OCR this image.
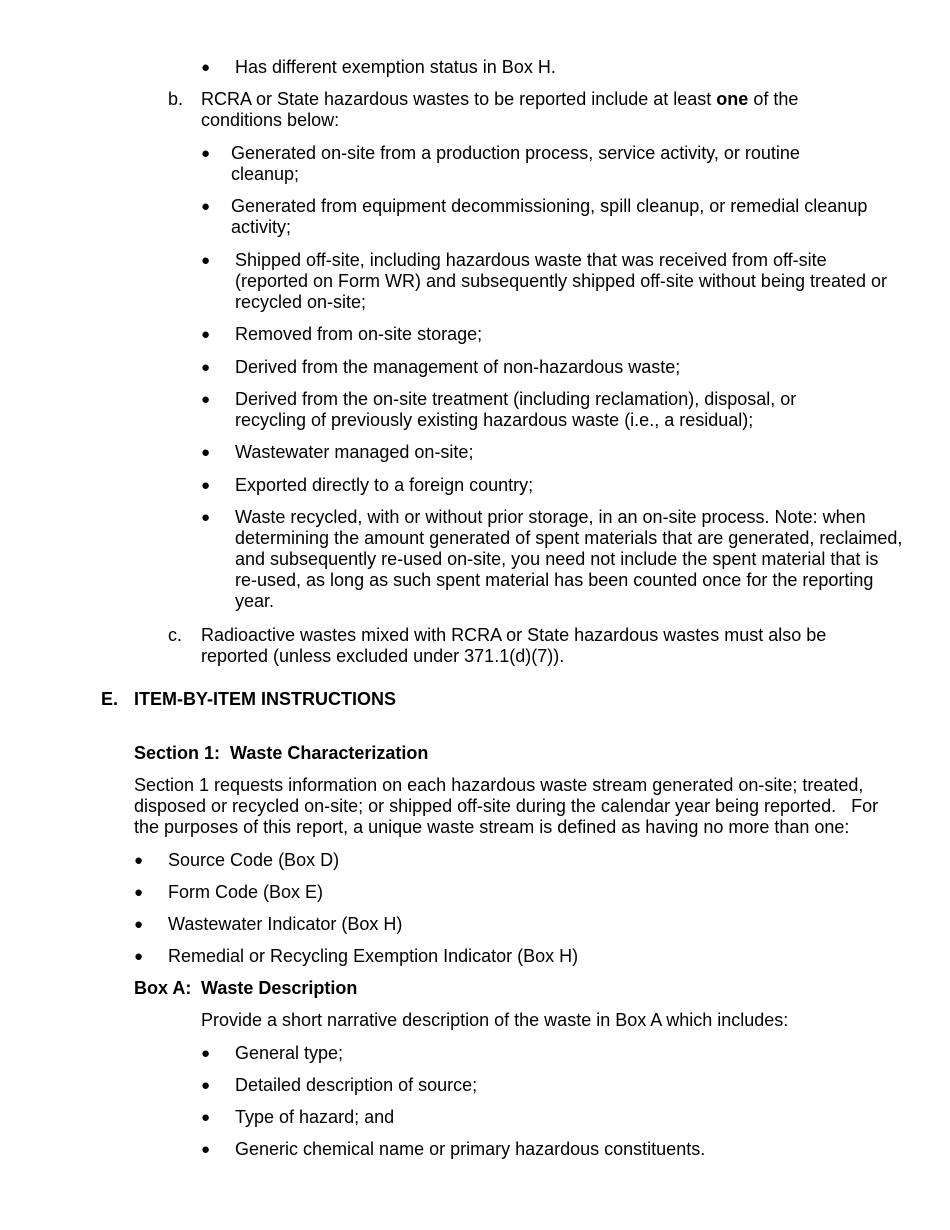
● Has different exemption status in Box H.
b. RCRA or State hazardous wastes to be reported include at least one of the conditions below:
● Generated on-site from a production process, service activity, or routine cleanup;
● Generated from equipment decommissioning, spill cleanup, or remedial cleanup activity;
● Shipped off-site, including hazardous waste that was received from off-site (reported on Form WR) and subsequently shipped off-site without being treated or recycled on-site;
● Removed from on-site storage;
● Derived from the management of non-hazardous waste;
● Derived from the on-site treatment (including reclamation), disposal, or recycling of previously existing hazardous waste (i.e., a residual);
● Wastewater managed on-site;
● Exported directly to a foreign country;
● Waste recycled, with or without prior storage, in an on-site process. Note: when determining the amount generated of spent materials that are generated, reclaimed, and subsequently re-used on-site, you need not include the spent material that is re-used, as long as such spent material has been counted once for the reporting year.
c. Radioactive wastes mixed with RCRA or State hazardous wastes must also be reported (unless excluded under 371.1(d)(7)).
E. ITEM-BY-ITEM INSTRUCTIONS
Section 1:  Waste Characterization
Section 1 requests information on each hazardous waste stream generated on-site; treated, disposed or recycled on-site; or shipped off-site during the calendar year being reported.   For the purposes of this report, a unique waste stream is defined as having no more than one:
● Source Code (Box D)
● Form Code (Box E)
● Wastewater Indicator (Box H)
● Remedial or Recycling Exemption Indicator (Box H)
Box A: Waste Description
Provide a short narrative description of the waste in Box A which includes:
● General type;
● Detailed description of source;
● Type of hazard; and
● Generic chemical name or primary hazardous constituents.
